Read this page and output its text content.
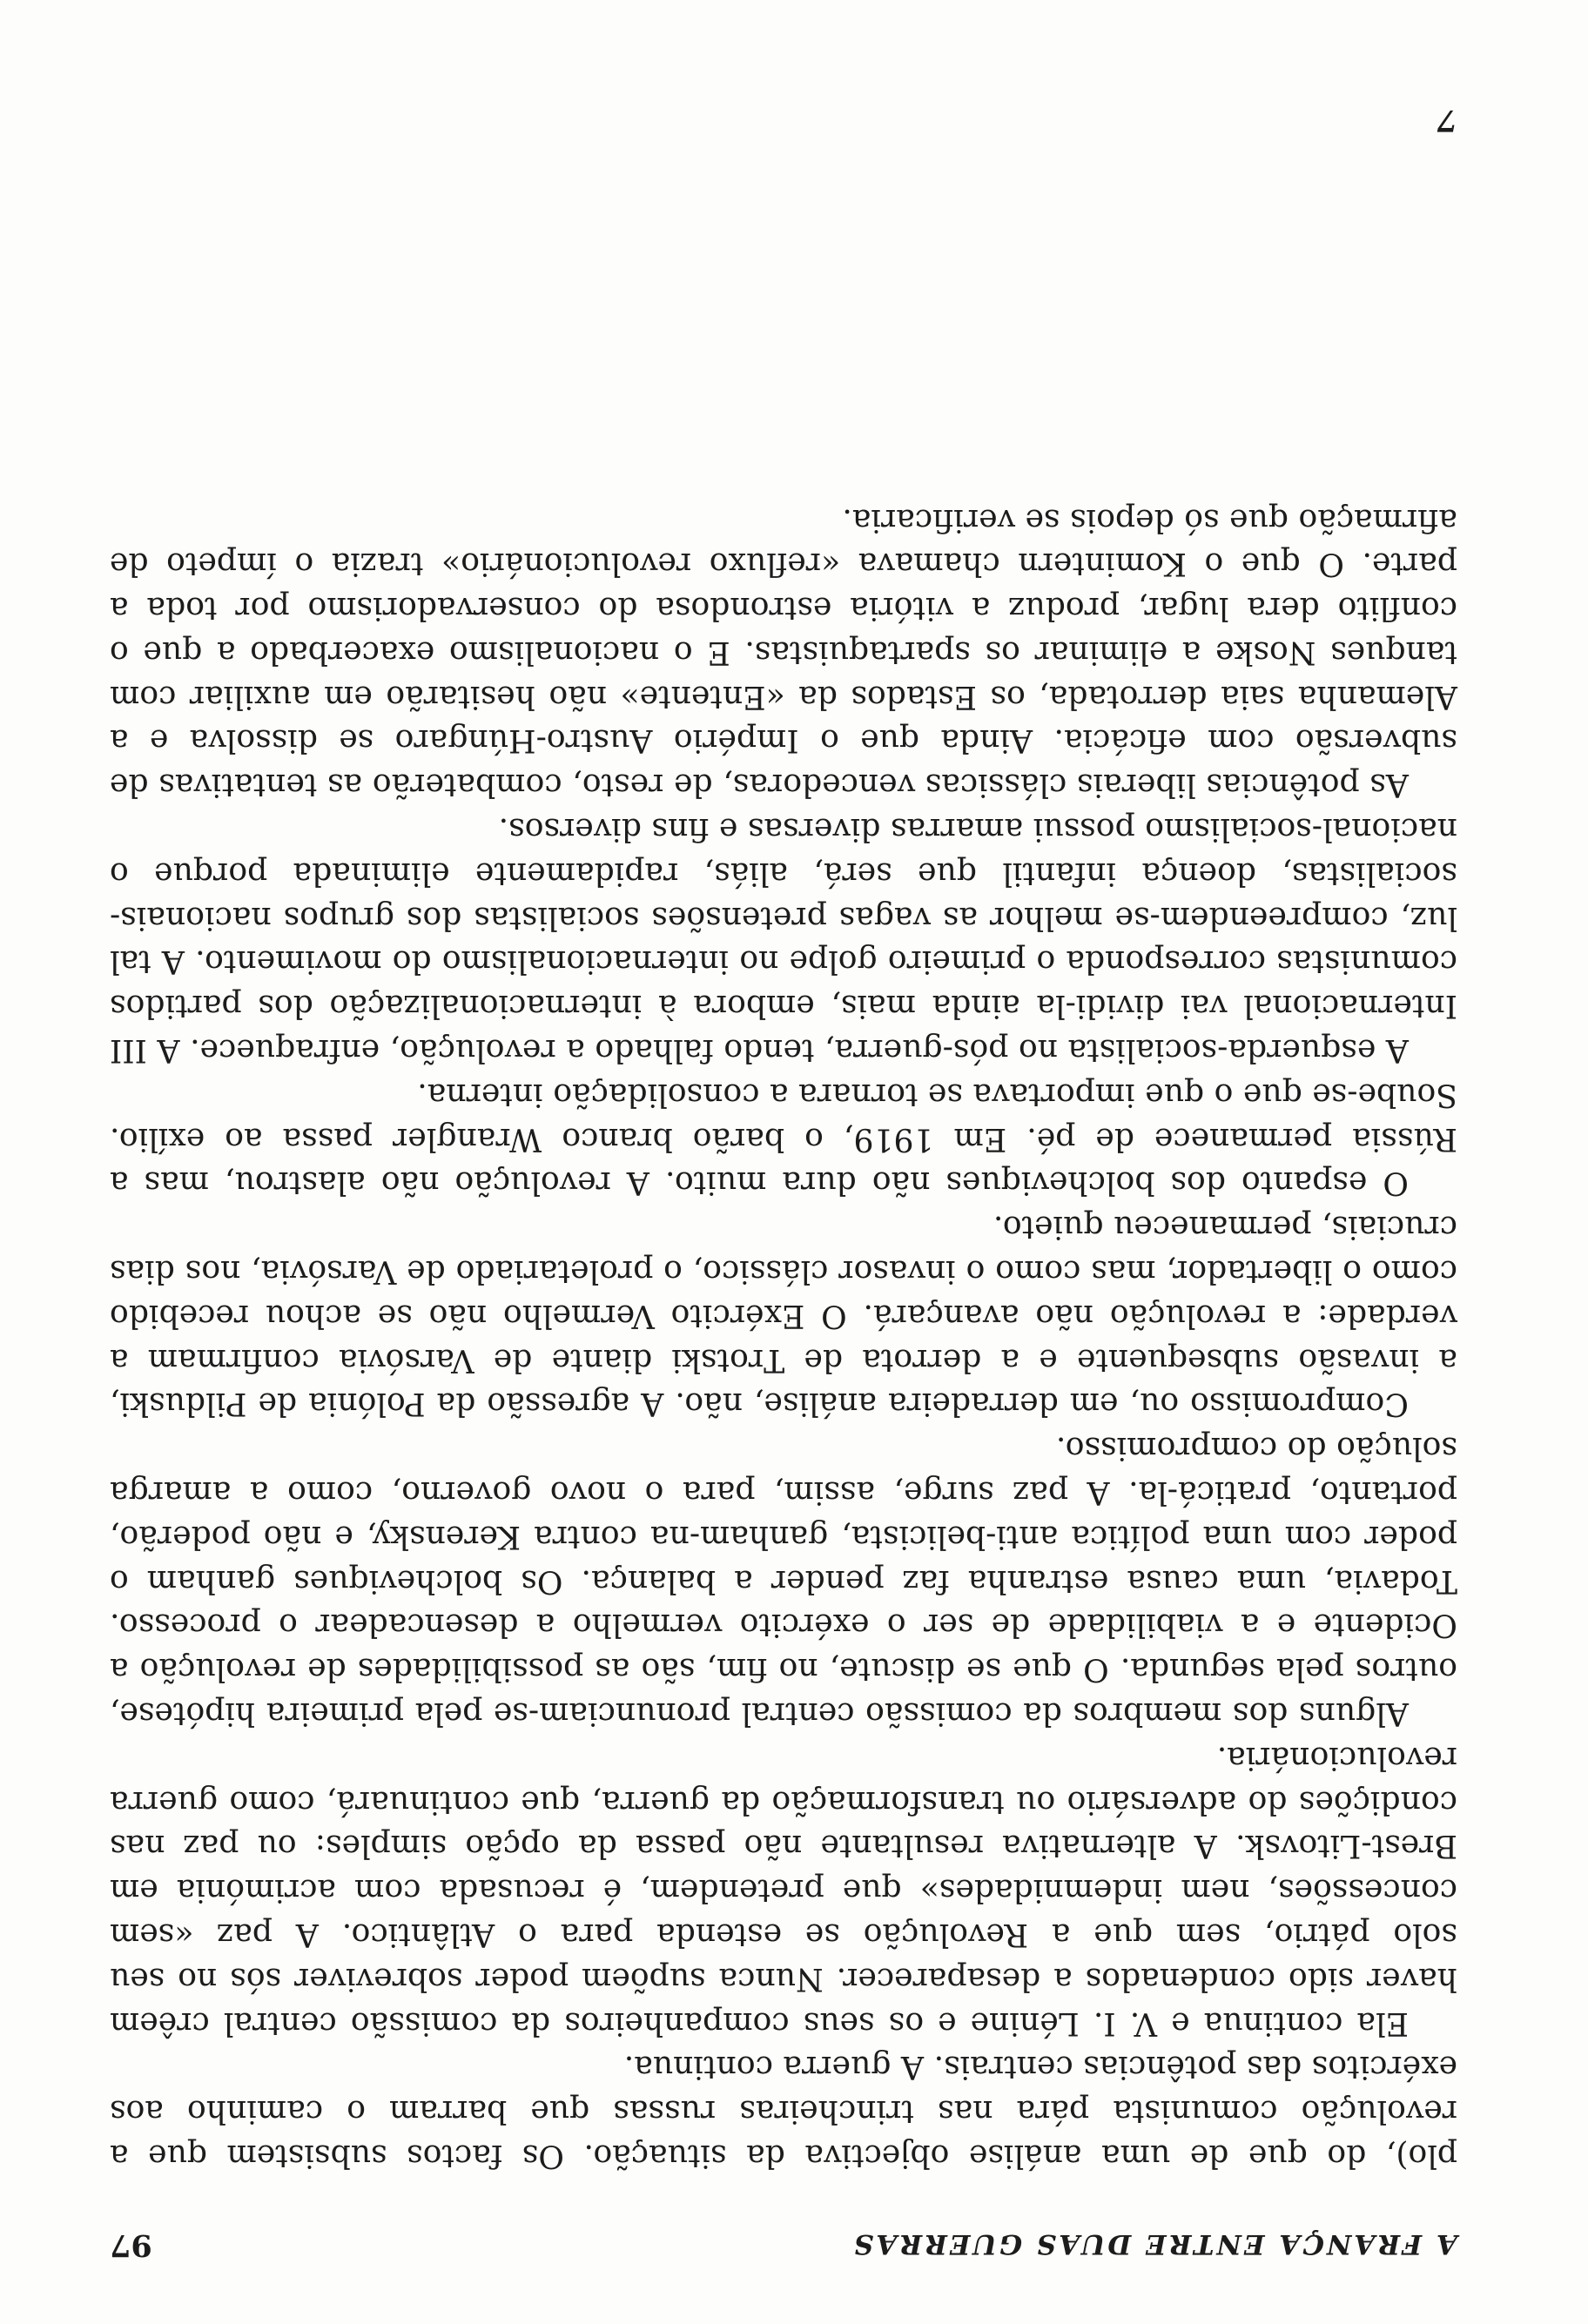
A FRANÇA ENTRE DUAS GUERRAS
97

plo), do que de uma análise objectiva da situação. Os factos subsistem que a revolução comunista pára nas trincheiras russas que barram o caminho aos exércitos das potências centrais. A guerra continua.

Ela continua e V. I. Lénine e os seus companheiros da comissão central crêem haver sido condenados a desaparecer. Nunca supõem poder sobreviver sós no seu solo pátrio, sem que a Revolução se estenda para o Atlântico. A paz «sem concessões, nem indemnidades» que pretendem, é recusada com acrimónia em Brest-Litovsk. A alternativa resultante não passa da opção simples: ou paz nas condições do adversário ou transformação da guerra, que continuará, como guerra revolucionária.

Alguns dos membros da comissão central pronunciam-se pela primeira hipótese, outros pela segunda. O que se discute, no fim, são as possibilidades de revolução a Ocidente e a viabilidade de ser o exército vermelho a desencadear o processo. Todavia, uma causa estranha faz pender a balança. Os bolcheviques ganham o poder com uma política anti-belicista, ganham-na contra Kerensky, e não poderão, portanto, praticá-la. A paz surge, assim, para o novo governo, como a amarga solução do compromisso.

Compromisso ou, em derradeira análise, não. A agressão da Polónia de Pilduski, a invasão subsequente e a derrota de Trotski diante de Varsóvia confirmam a verdade: a revolução não avançará. O Exército Vermelho não se achou recebido como o libertador, mas como o invasor clássico, o proletariado de Varsóvia, nos dias cruciais, permaneceu quieto.

O espanto dos bolcheviques não dura muito. A revolução não alastrou, mas a Rússia permanece de pé. Em 1919, o barão branco Wrangler passa ao exílio. Soube-se que o que importava se tornara a consolidação interna.

A esquerda-socialista no pós-guerra, tendo falhado a revolução, enfraquece. A III Internacional vai dividi-la ainda mais, embora à internacionalização dos partidos comunistas corresponda o primeiro golpe no internacionalismo do movimento. A tal luz, compreendem-se melhor as vagas pretensões socialistas dos grupos nacionais-socialistas, doença infantil que será, aliás, rapidamente eliminada porque o nacional-socialismo possui amarras diversas e fins diversos.

As potências liberais clássicas vencedoras, de resto, combaterão as tentativas de subversão com eficácia. Ainda que o Império Austro-Húngaro se dissolva e a Alemanha saia derrotada, os Estados da «Entente» não hesitarão em auxiliar com tanques Noske a eliminar os spartaquistas. E o nacionalismo exacerbado a que o conflito dera lugar, produz a vitória estrondosa do conservadorismo por toda a parte. O que o Komintern chamava «refluxo revolucionário» trazia o ímpeto de afirmação que só depois se verificaria.

7
